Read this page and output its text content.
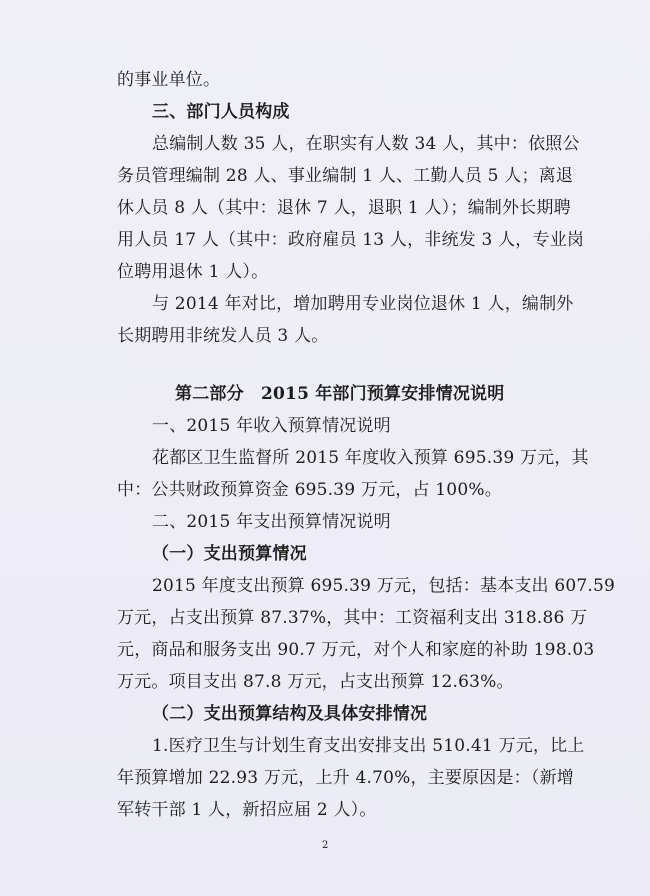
的事业单位。
三、部门人员构成
总编制人数 35 人，在职实有人数 34 人，其中：依照公
务员管理编制 28 人、事业编制 1 人、工勤人员 5 人；离退
休人员 8 人（其中：退休 7 人，退职 1 人）；编制外长期聘
用人员 17 人（其中：政府雇员 13 人，非统发 3 人，专业岗
位聘用退休 1 人）。
与 2014 年对比，增加聘用专业岗位退休 1 人，编制外
长期聘用非统发人员 3 人。
第二部分　2015 年部门预算安排情况说明
一、2015 年收入预算情况说明
花都区卫生监督所 2015 年度收入预算 695.39 万元，其
中：公共财政预算资金 695.39 万元，占 100%。
二、2015 年支出预算情况说明
（一）支出预算情况
2015 年度支出预算 695.39 万元，包括：基本支出 607.59
万元，占支出预算 87.37%，其中：工资福利支出 318.86 万
元，商品和服务支出 90.7 万元，对个人和家庭的补助 198.03
万元。项目支出 87.8 万元，占支出预算 12.63%。
（二）支出预算结构及具体安排情况
1.医疗卫生与计划生育支出安排支出 510.41 万元，比上
年预算增加 22.93 万元，上升 4.70%，主要原因是：（新增
军转干部 1 人，新招应届 2 人）。
2
